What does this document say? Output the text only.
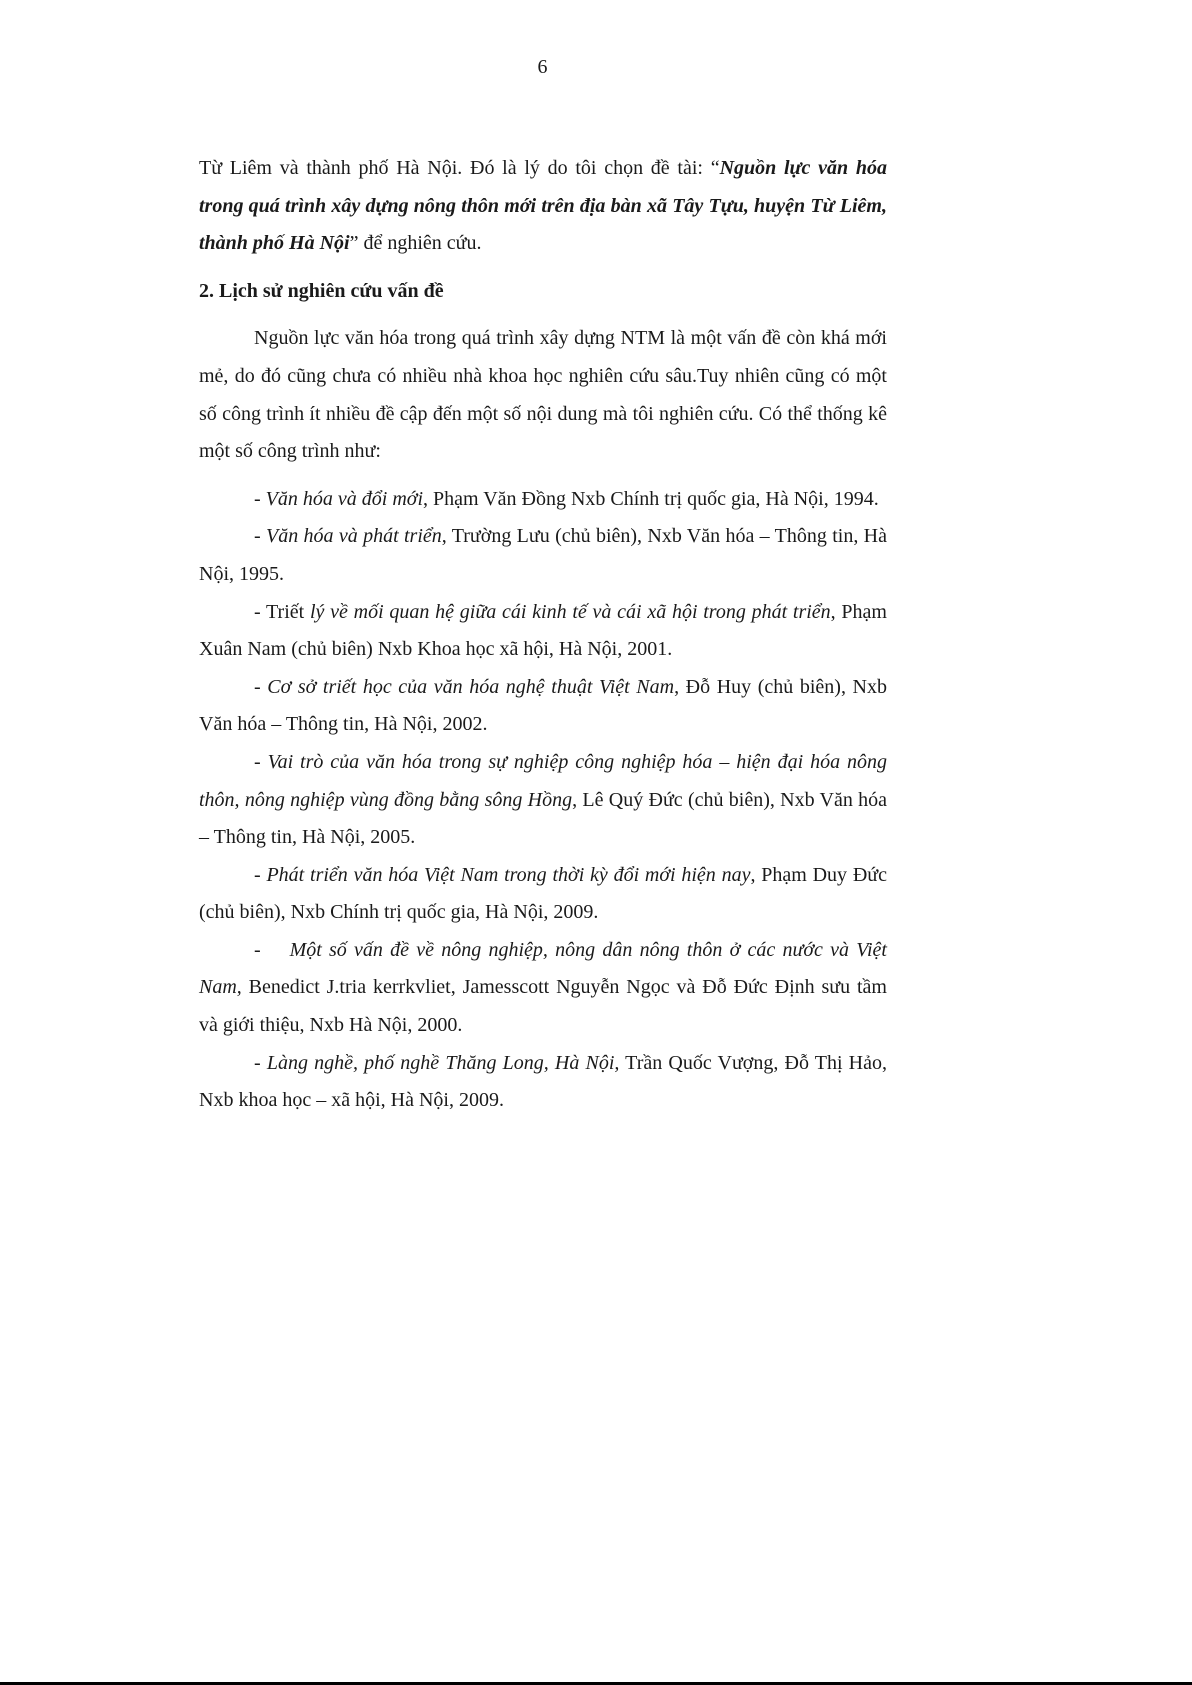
6

Từ Liêm và thành phố Hà Nội. Đó là lý do tôi chọn đề tài: “Nguồn lực văn hóa trong quá trình xây dựng nông thôn mới trên địa bàn xã Tây Tựu, huyện Từ Liêm, thành phố Hà Nội” để nghiên cứu.

2. Lịch sử nghiên cứu vấn đề

Nguồn lực văn hóa trong quá trình xây dựng NTM là một vấn đề còn khá mới mẻ, do đó cũng chưa có nhiều nhà khoa học nghiên cứu sâu.Tuy nhiên cũng có một số công trình ít nhiều đề cập đến một số nội dung mà tôi nghiên cứu. Có thể thống kê một số công trình như:

- Văn hóa và đổi mới, Phạm Văn Đồng Nxb Chính trị quốc gia, Hà Nội, 1994.

- Văn hóa và phát triển, Trường Lưu (chủ biên), Nxb Văn hóa – Thông tin, Hà Nội, 1995.

- Triết lý về mối quan hệ giữa cái kinh tế và cái xã hội trong phát triển, Phạm Xuân Nam (chủ biên) Nxb Khoa học xã hội, Hà Nội, 2001.

- Cơ sở triết học của văn hóa nghệ thuật Việt Nam, Đỗ Huy (chủ biên), Nxb Văn hóa – Thông tin, Hà Nội, 2002.

- Vai trò của văn hóa trong sự nghiệp công nghiệp hóa – hiện đại hóa nông thôn, nông nghiệp vùng đồng bằng sông Hồng, Lê Quý Đức (chủ biên), Nxb Văn hóa – Thông tin, Hà Nội, 2005.

- Phát triển văn hóa Việt Nam trong thời kỳ đổi mới hiện nay, Phạm Duy Đức (chủ biên), Nxb Chính trị quốc gia, Hà Nội, 2009.

-    Một số vấn đề về nông nghiệp, nông dân nông thôn ở các nước và Việt Nam, Benedict J.tria kerrkvliet, Jamesscott Nguyễn Ngọc và Đỗ Đức Định sưu tầm và giới thiệu, Nxb Hà Nội, 2000.

- Làng nghề, phố nghề Thăng Long, Hà Nội, Trần Quốc Vượng, Đỗ Thị Hảo, Nxb khoa học – xã hội, Hà Nội, 2009.
